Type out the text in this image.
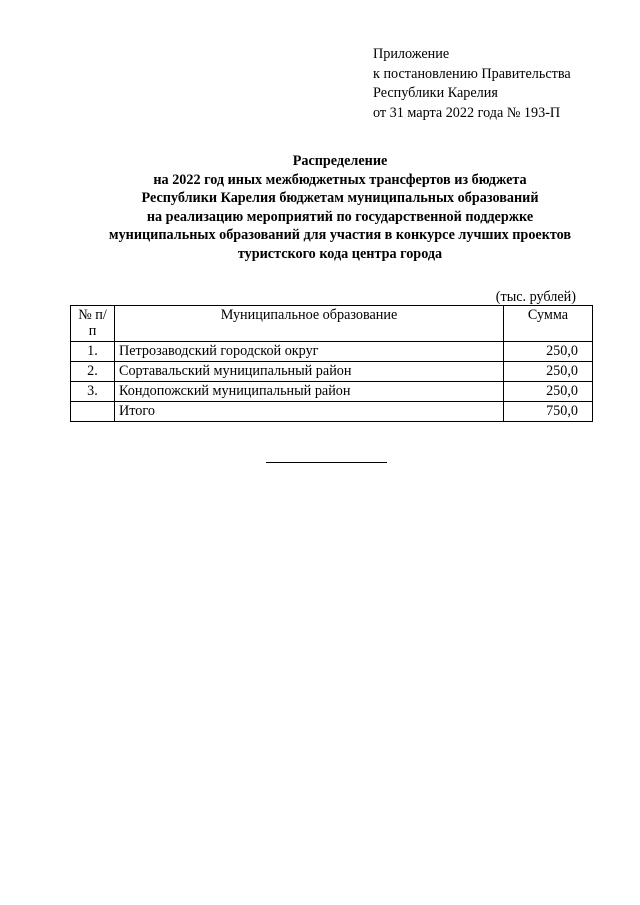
Приложение
к постановлению Правительства
Республики Карелия
от 31 марта 2022 года № 193-П
Распределение
на 2022 год иных межбюджетных трансфертов из бюджета
Республики Карелия бюджетам муниципальных образований
на реализацию мероприятий по государственной поддержке
муниципальных образований для участия в конкурсе лучших проектов
туристского кода центра города
(тыс. рублей)
№ п/п	Муниципальное образование	Сумма
1.	Петрозаводский городской округ	250,0
2.	Сортавальский муниципальный район	250,0
3.	Кондопожский муниципальный район	250,0
	Итого	750,0
